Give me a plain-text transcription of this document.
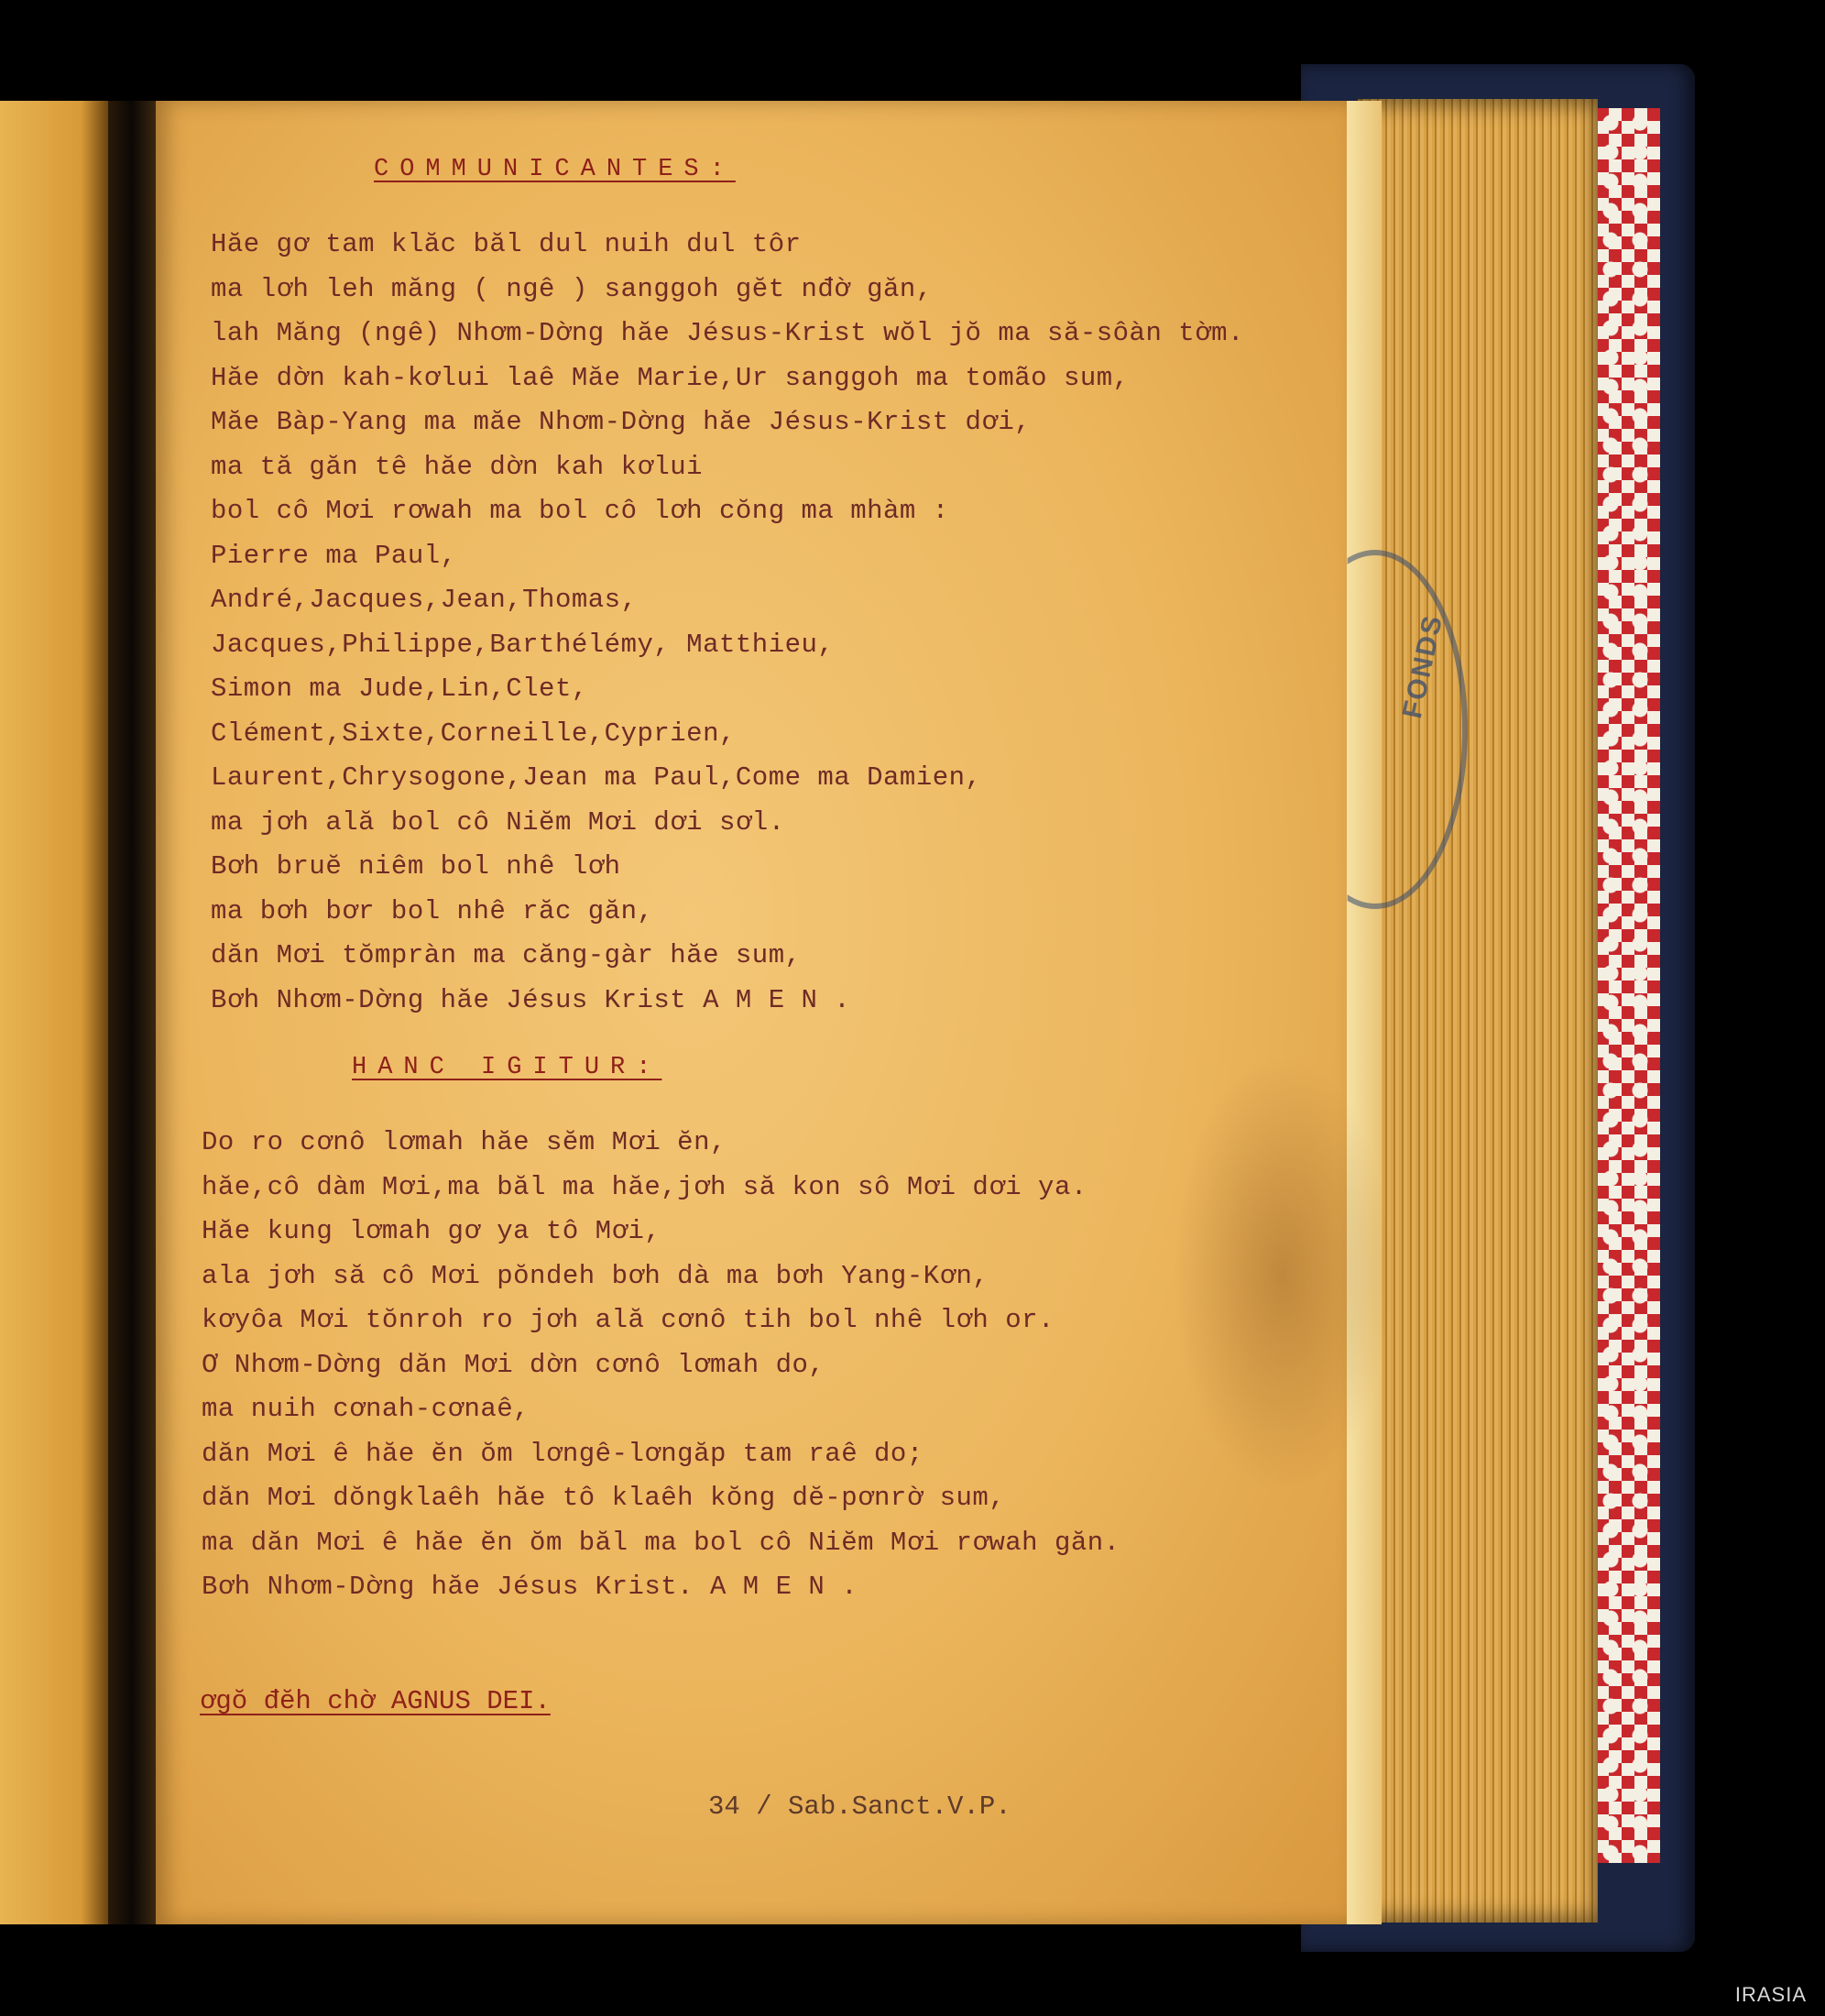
COMMUNICANTES:
Hăe gơ tam klăc băl dul nuih dul tôr
ma lơh leh măng ( ngê ) sanggoh gĕt nđờ găn,
lah Măng (ngê) Nhơm-Dờng hăe Jésus-Krist wŏl jŏ ma să-sôàn tờm.
Hăe dờn kah-kơlui laê Măe Marie,Ur sanggoh ma tomão sum,
Măe Bàp-Yang ma măe Nhơm-Dờng hăe Jésus-Krist dơi,
ma tă găn tê hăe dờn kah kơlui
bol cô Mơi rơwah ma bol cô lơh cŏng ma mhàm :
Pierre ma Paul,
André,Jacques,Jean,Thomas,
Jacques,Philippe,Barthélémy, Matthieu,
Simon ma Jude,Lin,Clet,
Clément,Sixte,Corneille,Cyprien,
Laurent,Chrysogone,Jean ma Paul,Come ma Damien,
ma jơh ală bol cô Niĕm Mơi dơi sơl.
Bơh bruĕ niêm bol nhê lơh
ma bơh bơr bol nhê răc găn,
dăn Mơi tŏmpràn ma căng-gàr hăe sum,
Bơh Nhơm-Dờng hăe Jésus Krist A M E N .
HANC IGITUR:
Do ro cơnô lơmah hăe sĕm Mơi ĕn,
hăe,cô dàm Mơi,ma băl ma hăe,jơh să kon sô Mơi dơi ya.
Hăe kung lơmah gơ ya tô Mơi,
ala jơh să cô Mơi pŏndeh bơh dà ma bơh Yang-Kơn,
kơyôa Mơi tŏnroh ro jơh ală cơnô tih bol nhê lơh or.
Ơ Nhơm-Dờng dăn Mơi dờn cơnô lơmah do,
ma nuih cơnah-cơnaê,
dăn Mơi ê hăe ĕn ŏm lơngê-lơngăp tam raê do;
dăn Mơi dŏngklaêh hăe tô klaêh kŏng dĕ-pơnrờ sum,
ma dăn Mơi ê hăe ĕn ŏm băl ma bol cô Niĕm Mơi rơwah găn.
Bơh Nhơm-Dờng hăe Jésus Krist. A M E N .
ơgŏ đĕh chờ AGNUS DEI.
34 / Sab.Sanct.V.P.
FONDS
IRASIA
